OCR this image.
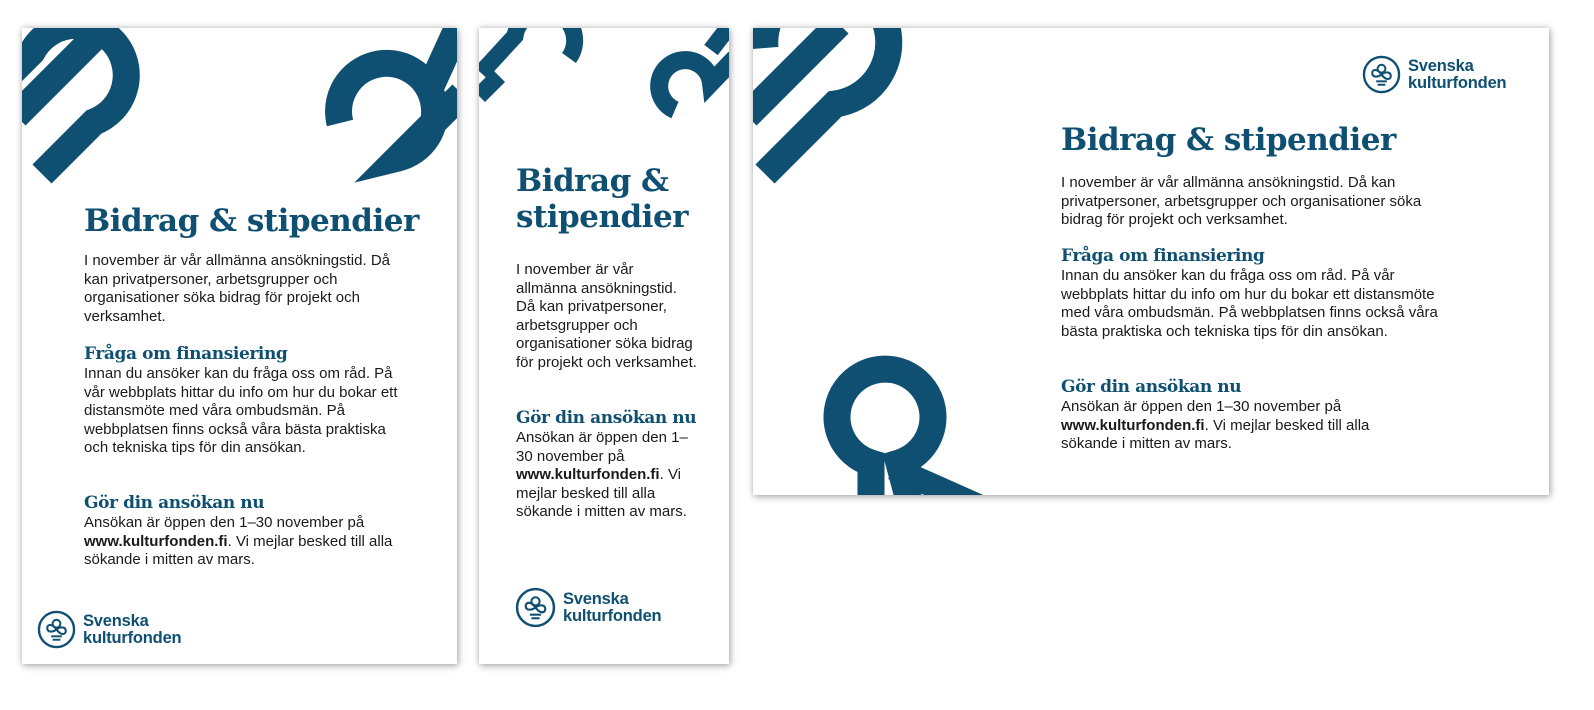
Bidrag & stipendier

I november är vår allmänna ansökningstid. Då kan privatpersoner, arbetsgrupper och organisationer söka bidrag för projekt och verksamhet.

Fråga om finansiering

Innan du ansöker kan du fråga oss om råd. På vår webbplats hittar du info om hur du bokar ett distansmöte med våra ombudsmän. På webbplatsen finns också våra bästa praktiska och tekniska tips för din ansökan.

Gör din ansökan nu

Ansökan är öppen den 1–30 november på www.kulturfonden.fi. Vi mejlar besked till alla sökande i mitten av mars.

Svenska
kulturfonden
Bidrag & stipendier

I november är vår allmänna ansökningstid. Då kan privatpersoner, arbetsgrupper och organisationer söka bidrag för projekt och verksamhet.

Gör din ansökan nu

Ansökan är öppen den 1–30 november på www.kulturfonden.fi. Vi mejlar besked till alla sökande i mitten av mars.

Svenska
kulturfonden
Svenska
kulturfonden
Bidrag & stipendier

I november är vår allmänna ansökningstid. Då kan privatpersoner, arbetsgrupper och organisationer söka bidrag för projekt och verksamhet.

Fråga om finansiering

Innan du ansöker kan du fråga oss om råd. På vår webbplats hittar du info om hur du bokar ett distansmöte med våra ombudsmän. På webbplatsen finns också våra bästa praktiska och tekniska tips för din ansökan.

Gör din ansökan nu

Ansökan är öppen den 1–30 november på www.kulturfonden.fi. Vi mejlar besked till alla sökande i mitten av mars.
